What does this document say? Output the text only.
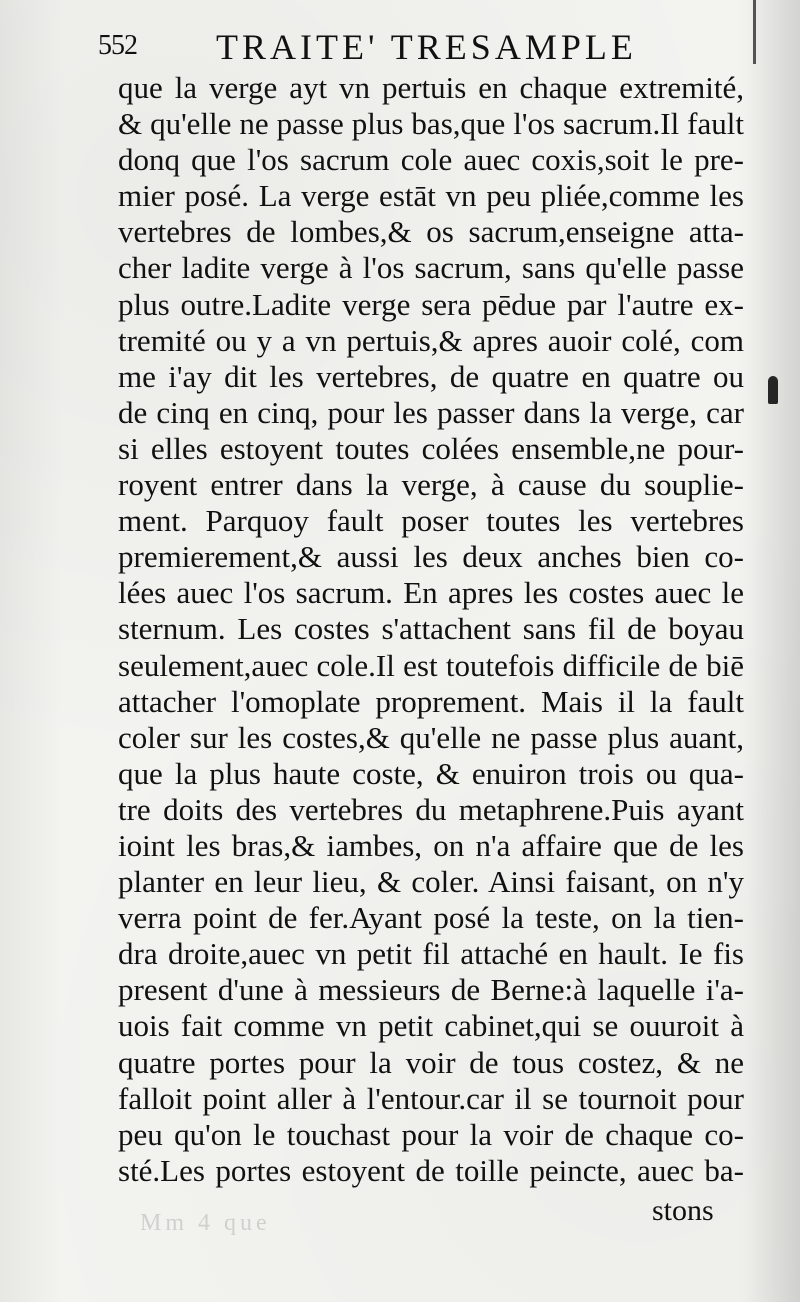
552 TRAITE' TRESAMPLE
que la verge ayt vn pertuis en chaque extremité,
& qu'elle ne passe plus bas,que l'os sacrum.Il fault
donq que l'os sacrum cole auec coxis,soit le pre-
mier posé. La verge estāt vn peu pliée,comme les
vertebres de lombes,& os sacrum,enseigne atta-
cher ladite verge à l'os sacrum, sans qu'elle passe
plus outre.Ladite verge sera pēdue par l'autre ex-
tremité ou y a vn pertuis,& apres auoir colé, com
me i'ay dit les vertebres, de quatre en quatre ou
de cinq en cinq, pour les passer dans la verge, car
si elles estoyent toutes colées ensemble,ne pour-
royent entrer dans la verge, à cause du souplie-
ment. Parquoy fault poser toutes les vertebres
premierement,& aussi les deux anches bien co-
lées auec l'os sacrum. En apres les costes auec le
sternum. Les costes s'attachent sans fil de boyau
seulement,auec cole.Il est toutefois difficile de biē
attacher l'omoplate proprement. Mais il la fault
coler sur les costes,& qu'elle ne passe plus auant,
que la plus haute coste, & enuiron trois ou qua-
tre doits des vertebres du metaphrene.Puis ayant
ioint les bras,& iambes, on n'a affaire que de les
planter en leur lieu, & coler. Ainsi faisant, on n'y
verra point de fer.Ayant posé la teste, on la tien-
dra droite,auec vn petit fil attaché en hault. Ie fis
present d'une à messieurs de Berne:à laquelle i'a-
uois fait comme vn petit cabinet,qui se ouuroit à
quatre portes pour la voir de tous costez, & ne
falloit point aller à l'entour.car il se tournoit pour
peu qu'on le touchast pour la voir de chaque co-
sté.Les portes estoyent de toille peincte, auec ba-
Mm 4 que	stons
